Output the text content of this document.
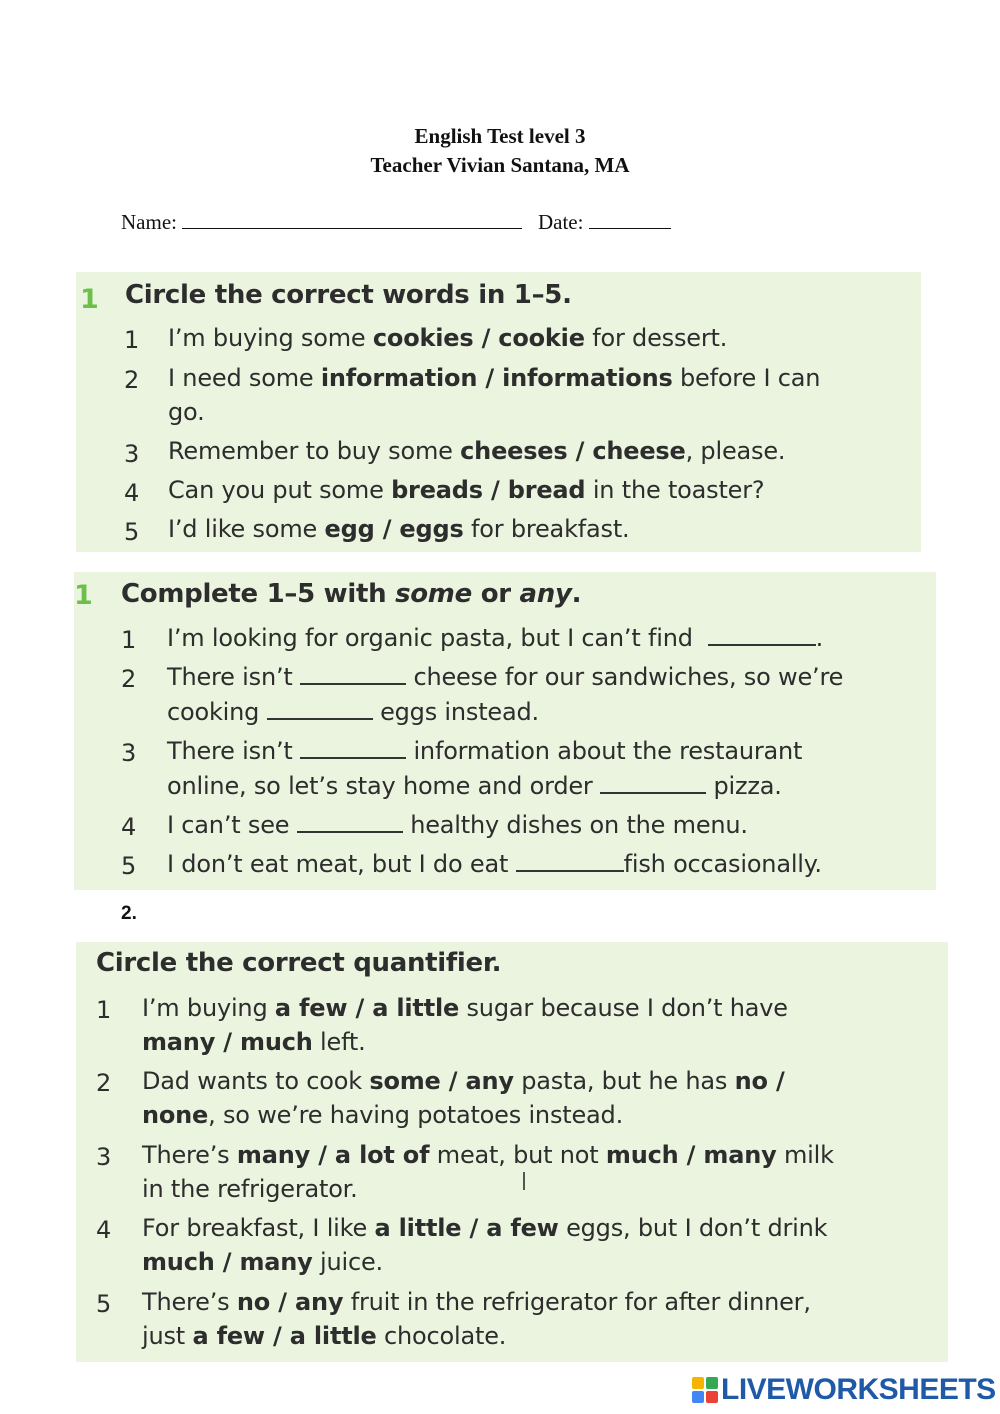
English Test level 3
Teacher Vivian Santana, MA
Name:	Date:
1 Circle the correct words in 1–5.
1 I’m buying some cookies / cookie for dessert.
2 I need some information / informations before I can
go.
3 Remember to buy some cheeses / cheese, please.
4 Can you put some breads / bread in the toaster?
5 I’d like some egg / eggs for breakfast.
1 Complete 1–5 with some or any.
1 I’m looking for organic pasta, but I can’t find	.
2 There isn’t	cheese for our sandwiches, so we’re
cooking	eggs instead.
3 There isn’t	information about the restaurant
online, so let’s stay home and order	pizza.
4 I can’t see	healthy dishes on the menu.
5 I don’t eat meat, but I do eat	fish occasionally.
2.
Circle the correct quantifier.
1 I’m buying a few / a little sugar because I don’t have
many / much left.
2 Dad wants to cook some / any pasta, but he has no /
none, so we’re having potatoes instead.
3 There’s many / a lot of meat, but not much / many milk
in the refrigerator.
4 For breakfast, I like a little / a few eggs, but I don’t drink
much / many juice.
5 There’s no / any fruit in the refrigerator for after dinner,
just a few / a little chocolate.
LIVEWORKSHEETS
